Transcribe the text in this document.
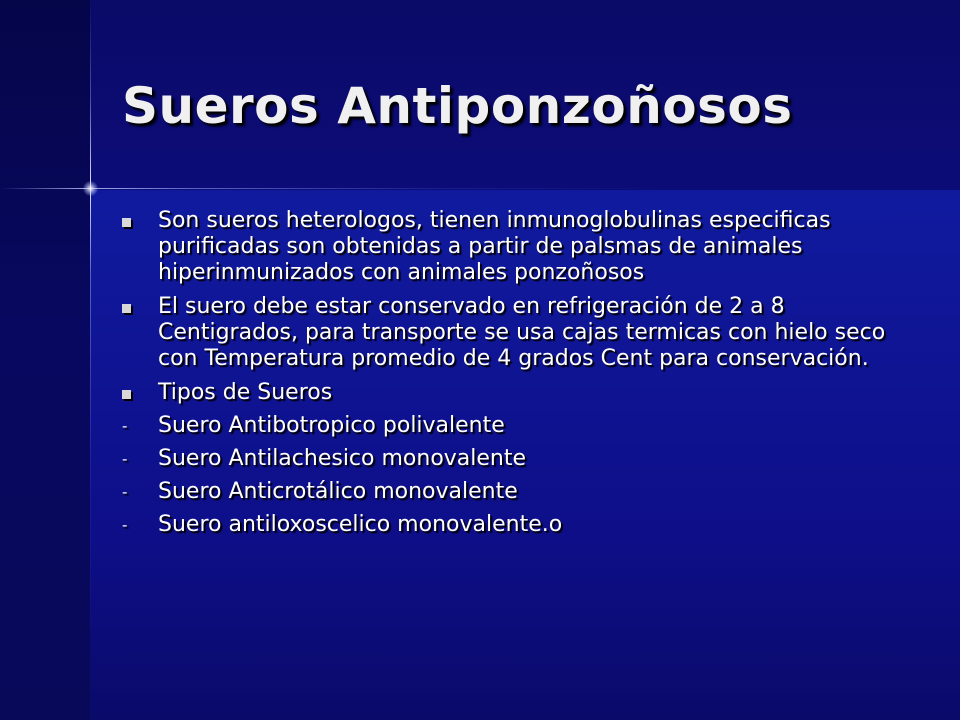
Sueros Antiponzoñosos
Son sueros heterologos, tienen inmunoglobulinas especificas purificadas son obtenidas a partir de palsmas de animales hiperinmunizados con animales ponzoñosos
El suero debe estar conservado en refrigeración de 2 a 8 Centigrados, para transporte se usa cajas termicas con hielo seco con Temperatura promedio de 4 grados Cent para conservación.
Tipos de Sueros
- Suero Antibotropico polivalente
- Suero Antilachesico monovalente
- Suero Anticrotálico monovalente
- Suero antiloxoscelico monovalente.o
